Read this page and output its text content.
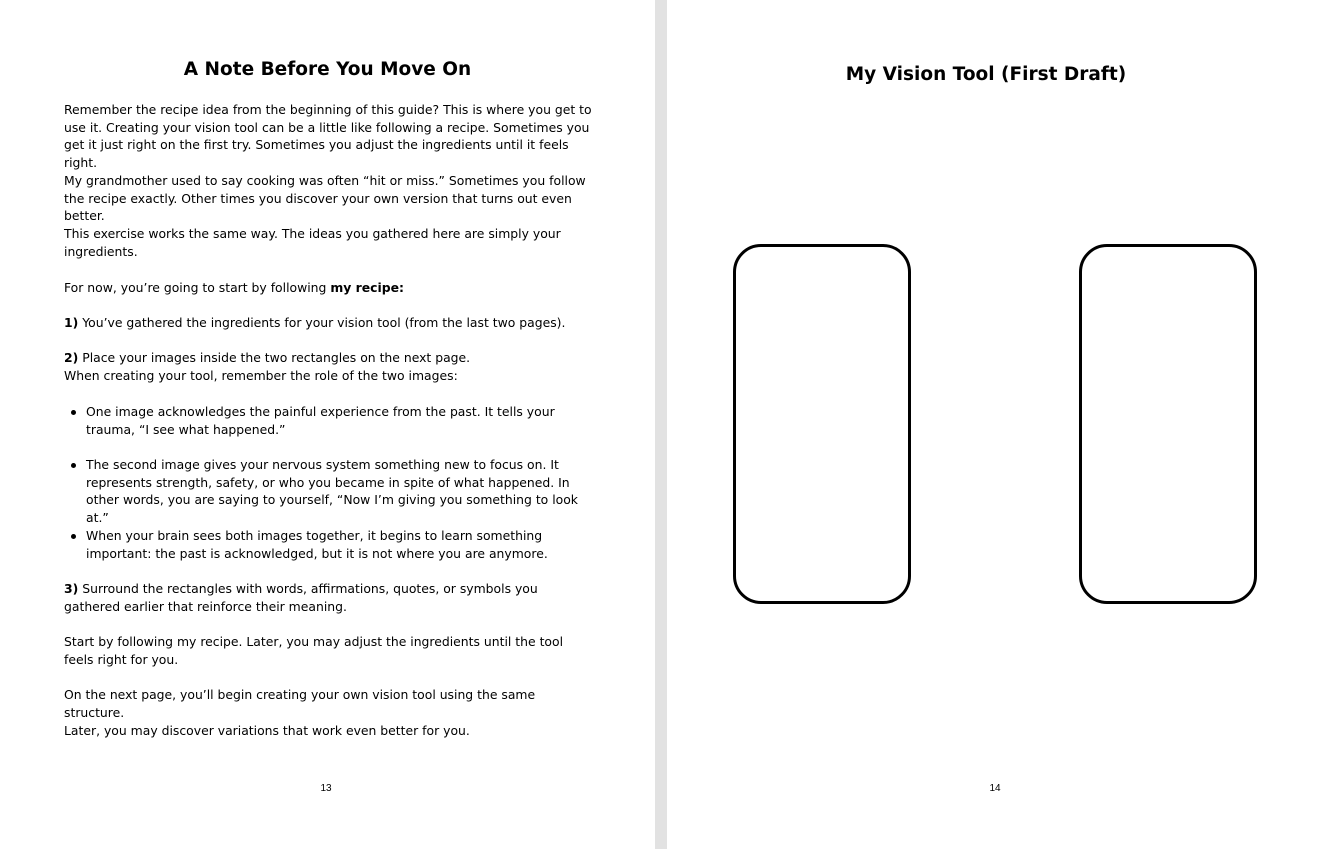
A Note Before You Move On

Remember the recipe idea from the beginning of this guide? This is where you get to use it. Creating your vision tool can be a little like following a recipe. Sometimes you get it just right on the first try. Sometimes you adjust the ingredients until it feels right.

My grandmother used to say cooking was often “hit or miss.” Sometimes you follow the recipe exactly. Other times you discover your own version that turns out even better.

This exercise works the same way. The ideas you gathered here are simply your ingredients.

For now, you’re going to start by following my recipe:

1) You’ve gathered the ingredients for your vision tool (from the last two pages).

2) Place your images inside the two rectangles on the next page.

When creating your tool, remember the role of the two images:

One image acknowledges the painful experience from the past. It tells your trauma, “I see what happened.”
The second image gives your nervous system something new to focus on. It represents strength, safety, or who you became in spite of what happened. In other words, you are saying to yourself, “Now I’m giving you something to look at.”
When your brain sees both images together, it begins to learn something important: the past is acknowledged, but it is not where you are anymore.

3) Surround the rectangles with words, affirmations, quotes, or symbols you gathered earlier that reinforce their meaning.

Start by following my recipe. Later, you may adjust the ingredients until the tool feels right for you.

On the next page, you’ll begin creating your own vision tool using the same structure.

Later, you may discover variations that work even better for you.

13
My Vision Tool (First Draft)
14
